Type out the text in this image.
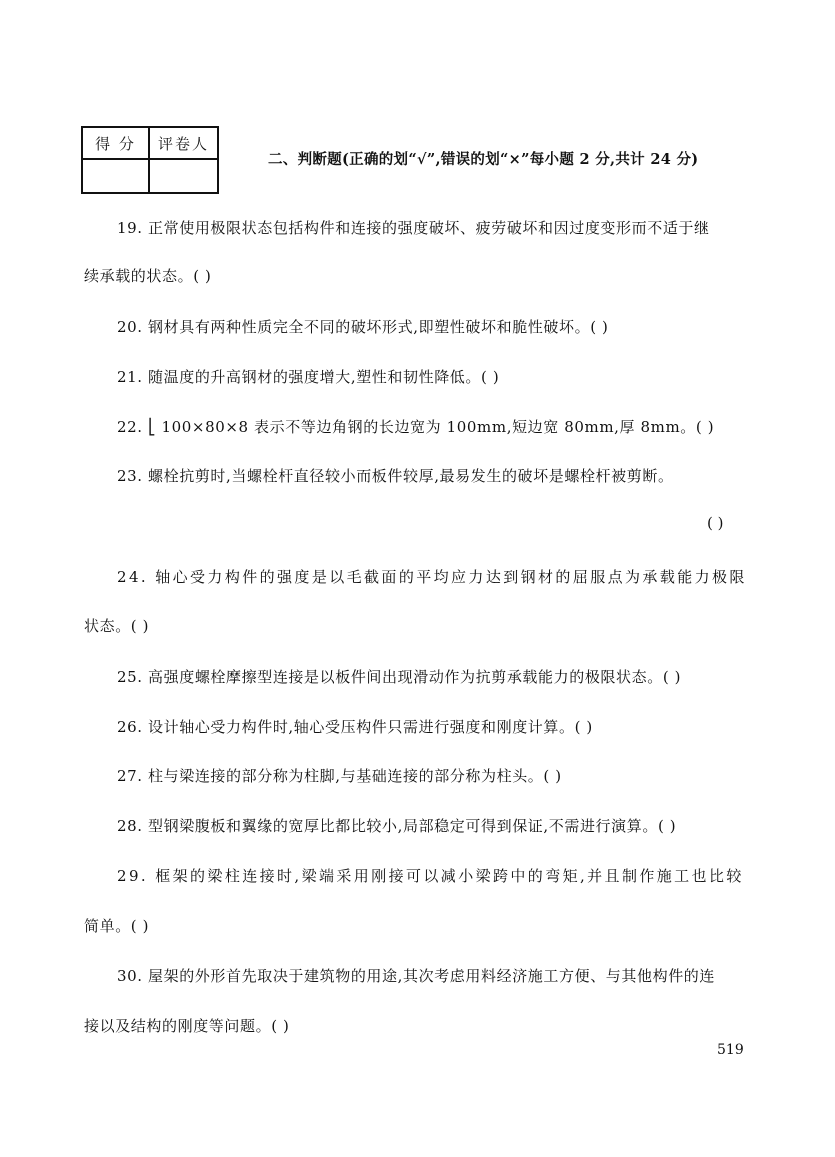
得 分	评卷人

二、判断题(正确的划“√”,错误的划“×”每小题 2 分,共计 24 分)
19. 正常使用极限状态包括构件和连接的强度破坏、疲劳破坏和因过度变形而不适于继
续承载的状态。( )
20. 钢材具有两种性质完全不同的破坏形式,即塑性破坏和脆性破坏。( )
21. 随温度的升高钢材的强度增大,塑性和韧性降低。( )
22. ⎣ 100×80×8 表示不等边角钢的长边宽为 100mm,短边宽 80mm,厚 8mm。( )
23. 螺栓抗剪时,当螺栓杆直径较小而板件较厚,最易发生的破坏是螺栓杆被剪断。
( )
24. 轴心受力构件的强度是以毛截面的平均应力达到钢材的屈服点为承载能力极限
状态。( )
25. 高强度螺栓摩擦型连接是以板件间出现滑动作为抗剪承载能力的极限状态。( )
26. 设计轴心受力构件时,轴心受压构件只需进行强度和刚度计算。( )
27. 柱与梁连接的部分称为柱脚,与基础连接的部分称为柱头。( )
28. 型钢梁腹板和翼缘的宽厚比都比较小,局部稳定可得到保证,不需进行演算。( )
29. 框架的梁柱连接时,梁端采用刚接可以减小梁跨中的弯矩,并且制作施工也比较
简单。( )
30. 屋架的外形首先取决于建筑物的用途,其次考虑用料经济施工方便、与其他构件的连
接以及结构的刚度等问题。( )
519
